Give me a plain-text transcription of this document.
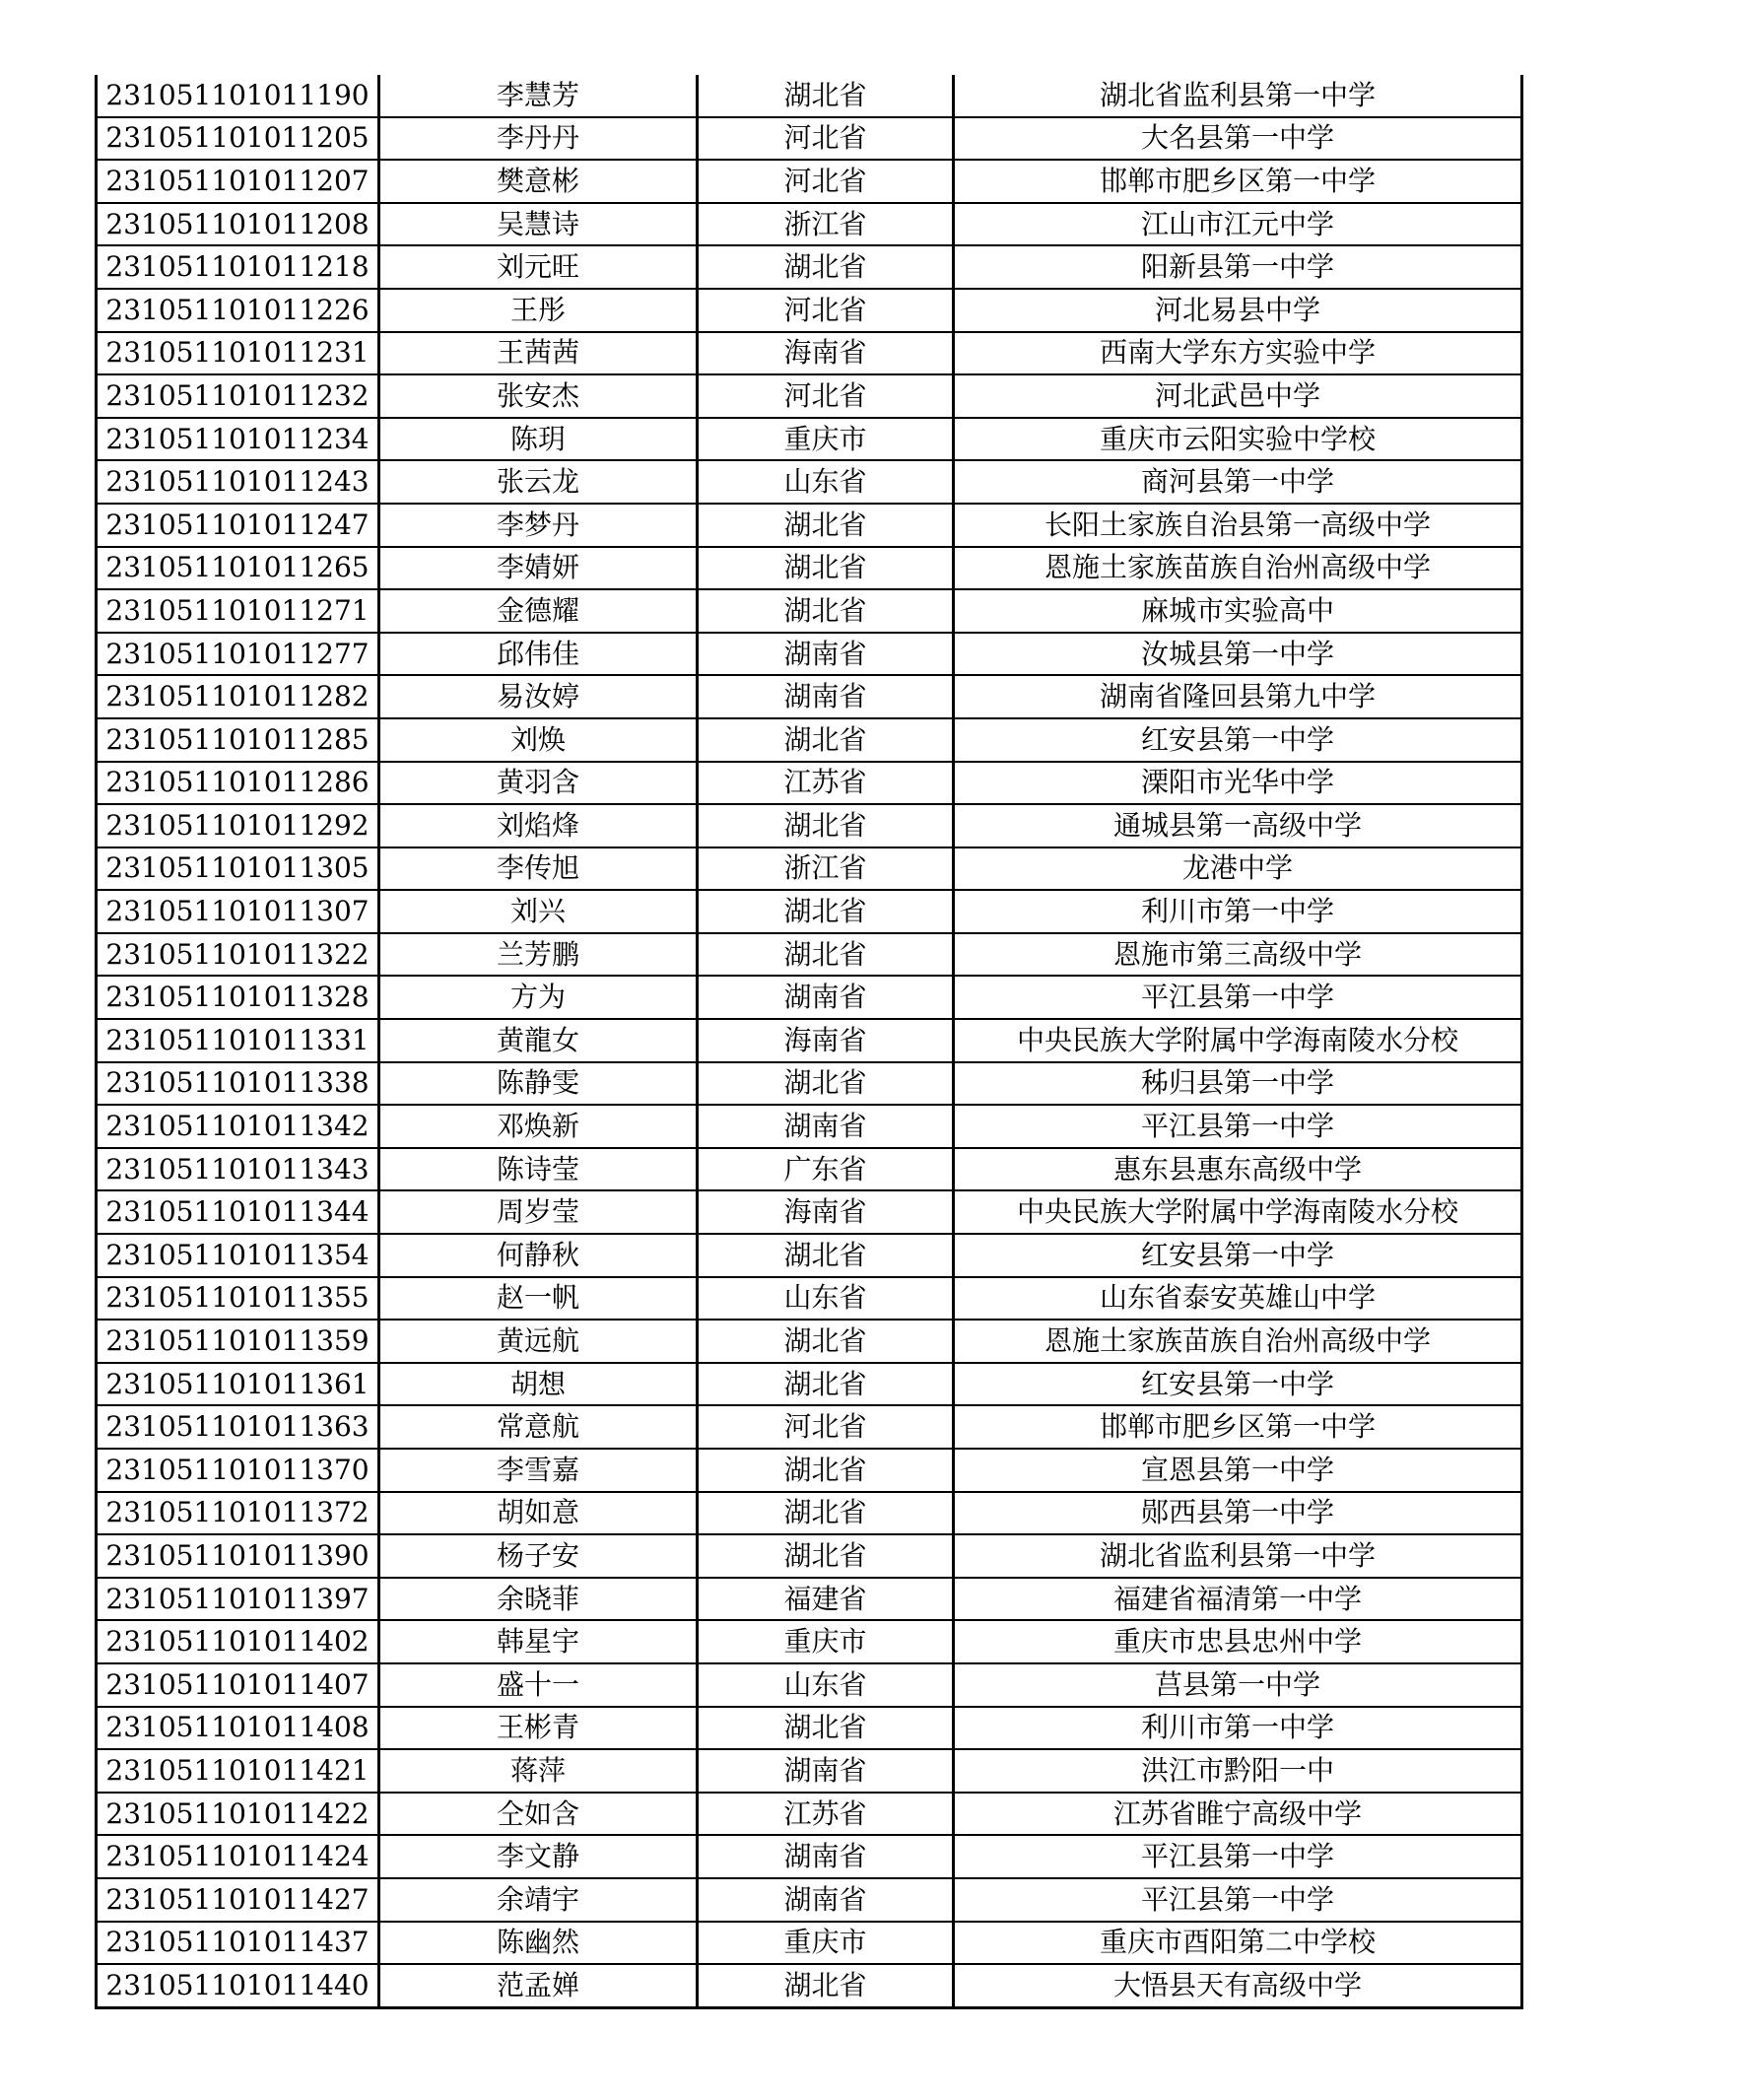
231051101011190	李慧芳	湖北省	湖北省监利县第一中学
231051101011205	李丹丹	河北省	大名县第一中学
231051101011207	樊意彬	河北省	邯郸市肥乡区第一中学
231051101011208	吴慧诗	浙江省	江山市江元中学
231051101011218	刘元旺	湖北省	阳新县第一中学
231051101011226	王彤	河北省	河北易县中学
231051101011231	王茜茜	海南省	西南大学东方实验中学
231051101011232	张安杰	河北省	河北武邑中学
231051101011234	陈玥	重庆市	重庆市云阳实验中学校
231051101011243	张云龙	山东省	商河县第一中学
231051101011247	李梦丹	湖北省	长阳土家族自治县第一高级中学
231051101011265	李婧妍	湖北省	恩施土家族苗族自治州高级中学
231051101011271	金德耀	湖北省	麻城市实验高中
231051101011277	邱伟佳	湖南省	汝城县第一中学
231051101011282	易汝婷	湖南省	湖南省隆回县第九中学
231051101011285	刘焕	湖北省	红安县第一中学
231051101011286	黄羽含	江苏省	溧阳市光华中学
231051101011292	刘焰烽	湖北省	通城县第一高级中学
231051101011305	李传旭	浙江省	龙港中学
231051101011307	刘兴	湖北省	利川市第一中学
231051101011322	兰芳鹏	湖北省	恩施市第三高级中学
231051101011328	方为	湖南省	平江县第一中学
231051101011331	黄龍女	海南省	中央民族大学附属中学海南陵水分校
231051101011338	陈静雯	湖北省	秭归县第一中学
231051101011342	邓焕新	湖南省	平江县第一中学
231051101011343	陈诗莹	广东省	惠东县惠东高级中学
231051101011344	周岁莹	海南省	中央民族大学附属中学海南陵水分校
231051101011354	何静秋	湖北省	红安县第一中学
231051101011355	赵一帆	山东省	山东省泰安英雄山中学
231051101011359	黄远航	湖北省	恩施土家族苗族自治州高级中学
231051101011361	胡想	湖北省	红安县第一中学
231051101011363	常意航	河北省	邯郸市肥乡区第一中学
231051101011370	李雪嘉	湖北省	宣恩县第一中学
231051101011372	胡如意	湖北省	郧西县第一中学
231051101011390	杨子安	湖北省	湖北省监利县第一中学
231051101011397	余晓菲	福建省	福建省福清第一中学
231051101011402	韩星宇	重庆市	重庆市忠县忠州中学
231051101011407	盛十一	山东省	莒县第一中学
231051101011408	王彬青	湖北省	利川市第一中学
231051101011421	蒋萍	湖南省	洪江市黔阳一中
231051101011422	仝如含	江苏省	江苏省睢宁高级中学
231051101011424	李文静	湖南省	平江县第一中学
231051101011427	余靖宇	湖南省	平江县第一中学
231051101011437	陈幽然	重庆市	重庆市酉阳第二中学校
231051101011440	范孟婵	湖北省	大悟县天有高级中学
